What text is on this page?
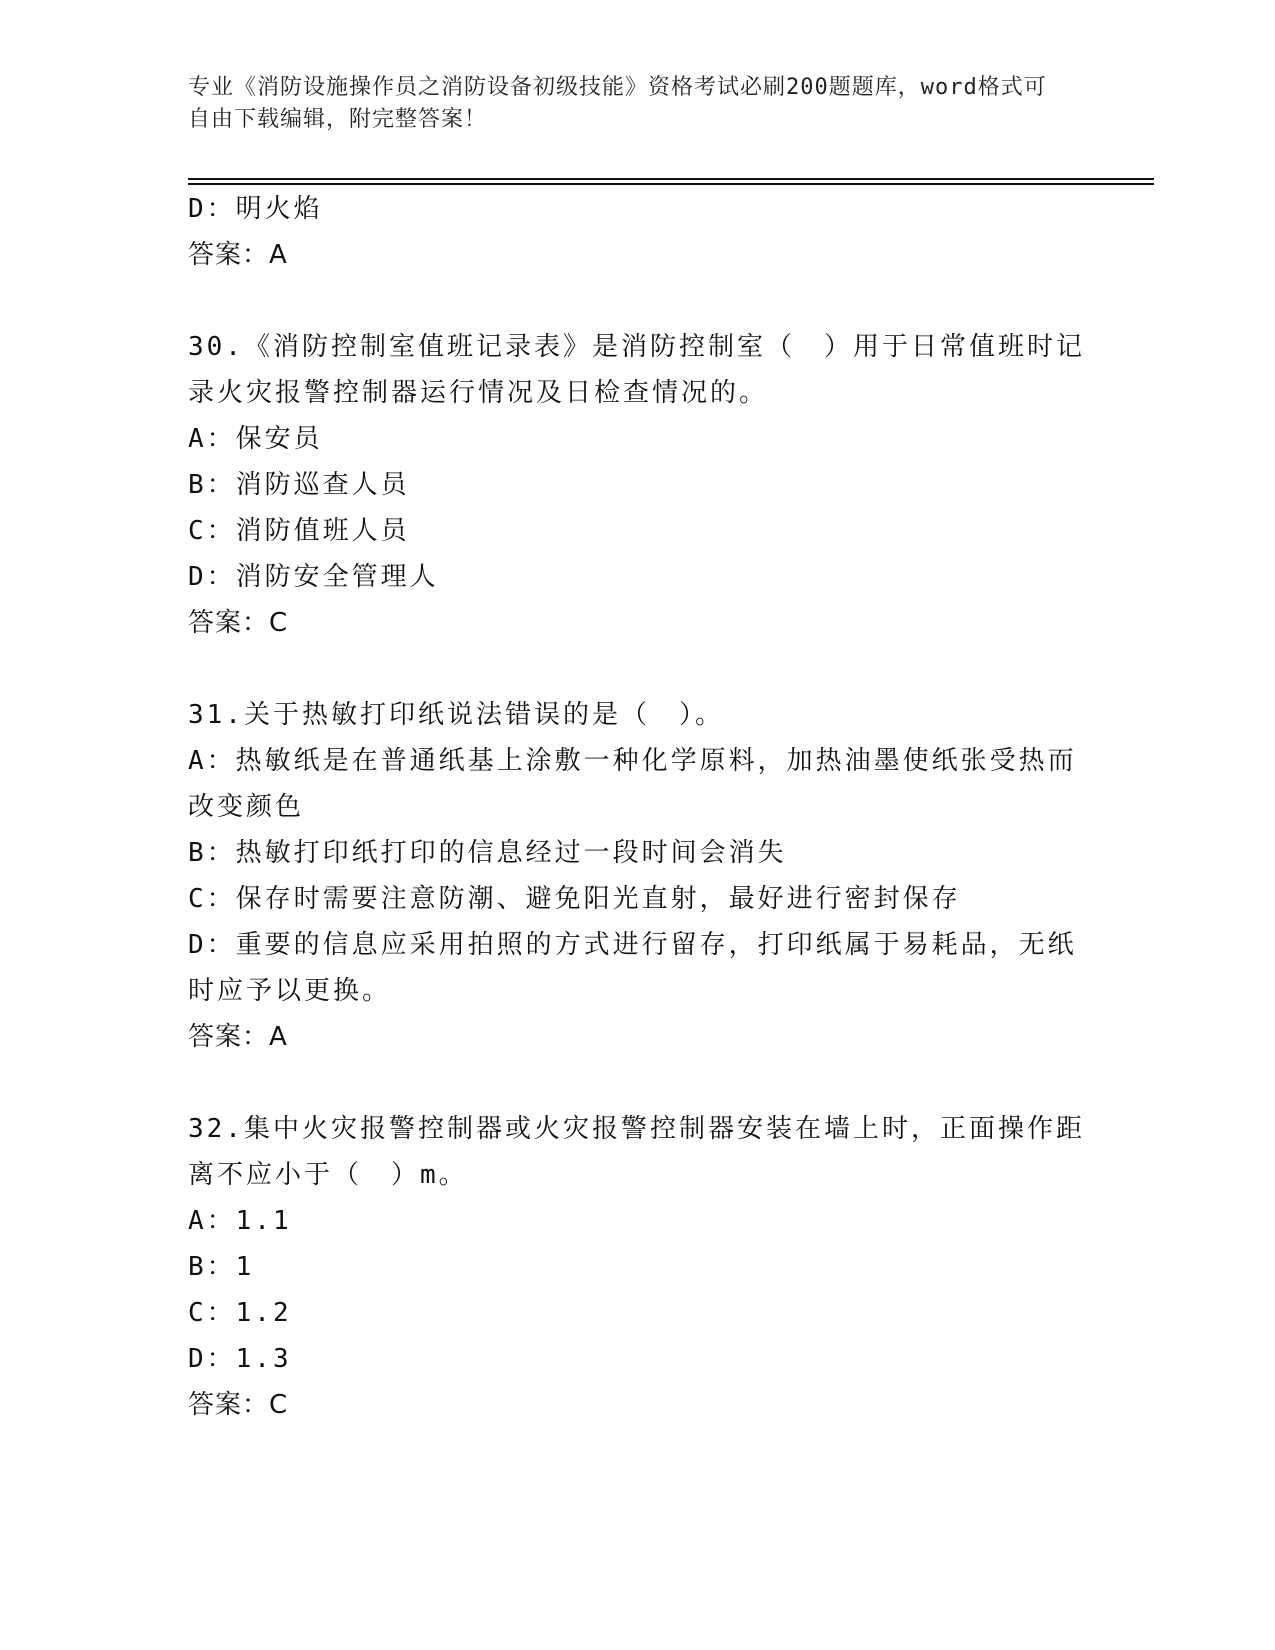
专业《消防设施操作员之消防设备初级技能》资格考试必刷200题题库，word格式可自由下载编辑，附完整答案！
D：明火焰
答案：A
30.《消防控制室值班记录表》是消防控制室（　）用于日常值班时记录火灾报警控制器运行情况及日检查情况的。
A：保安员
B：消防巡查人员
C：消防值班人员
D：消防安全管理人
答案：C
31.关于热敏打印纸说法错误的是（　）。
A：热敏纸是在普通纸基上涂敷一种化学原料，加热油墨使纸张受热而改变颜色
B：热敏打印纸打印的信息经过一段时间会消失
C：保存时需要注意防潮、避免阳光直射，最好进行密封保存
D：重要的信息应采用拍照的方式进行留存，打印纸属于易耗品，无纸时应予以更换。
答案：A
32.集中火灾报警控制器或火灾报警控制器安装在墙上时，正面操作距离不应小于（　）m。
A：1.1
B：1
C：1.2
D：1.3
答案：C
